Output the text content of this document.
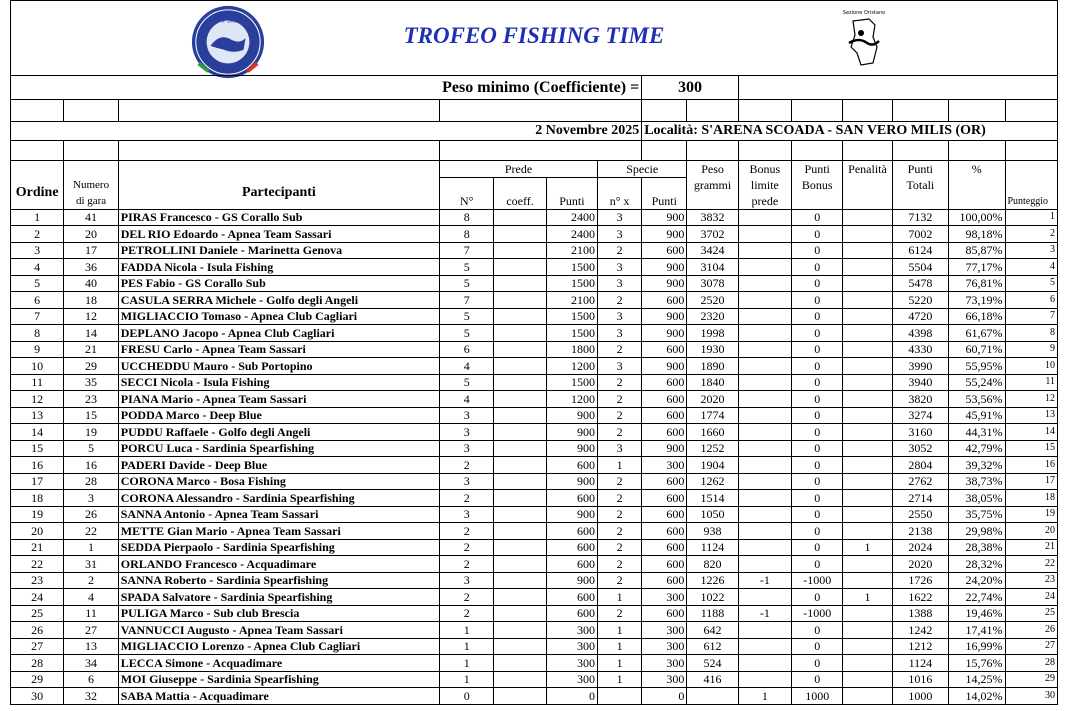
FIPSAS
TROFEO FISHING TIME
Sezione Oristano
Peso minimo (Coefficiente) =							300							

2 Novembre 2025							Località: S'ARENA SCOADA - SAN VERO MILIS (OR)							

			Prede			Specie		Peso	Bonus	Punti	Penalità	Punti	%	
Ordine	Numero	Partecipanti						grammi	limite	Bonus		Totali		
	di gara		N°	coeff.	Punti	n° x	Punti		prede					Punteggio
1	41	PIRAS Francesco - GS Corallo Sub	8		2400	3	900	3832		0		7132	100,00%	1
2	20	DEL RIO Edoardo - Apnea Team Sassari	8		2400	3	900	3702		0		7002	98,18%	2
3	17	PETROLLINI Daniele - Marinetta Genova	7		2100	2	600	3424		0		6124	85,87%	3
4	36	FADDA Nicola - Isula Fishing	5		1500	3	900	3104		0		5504	77,17%	4
5	40	PES Fabio - GS Corallo Sub	5		1500	3	900	3078		0		5478	76,81%	5
6	18	CASULA SERRA Michele - Golfo degli Angeli	7		2100	2	600	2520		0		5220	73,19%	6
7	12	MIGLIACCIO Tomaso - Apnea Club Cagliari	5		1500	3	900	2320		0		4720	66,18%	7
8	14	DEPLANO Jacopo - Apnea Club Cagliari	5		1500	3	900	1998		0		4398	61,67%	8
9	21	FRESU Carlo - Apnea Team Sassari	6		1800	2	600	1930		0		4330	60,71%	9
10	29	UCCHEDDU Mauro - Sub Portopino	4		1200	3	900	1890		0		3990	55,95%	10
11	35	SECCI Nicola - Isula Fishing	5		1500	2	600	1840		0		3940	55,24%	11
12	23	PIANA Mario - Apnea Team Sassari	4		1200	2	600	2020		0		3820	53,56%	12
13	15	PODDA Marco - Deep Blue	3		900	2	600	1774		0		3274	45,91%	13
14	19	PUDDU Raffaele - Golfo degli Angeli	3		900	2	600	1660		0		3160	44,31%	14
15	5	PORCU Luca - Sardinia Spearfishing	3		900	3	900	1252		0		3052	42,79%	15
16	16	PADERI Davide - Deep Blue	2		600	1	300	1904		0		2804	39,32%	16
17	28	CORONA Marco - Bosa Fishing	3		900	2	600	1262		0		2762	38,73%	17
18	3	CORONA Alessandro - Sardinia Spearfishing	2		600	2	600	1514		0		2714	38,05%	18
19	26	SANNA Antonio - Apnea Team Sassari	3		900	2	600	1050		0		2550	35,75%	19
20	22	METTE Gian Mario - Apnea Team Sassari	2		600	2	600	938		0		2138	29,98%	20
21	1	SEDDA Pierpaolo - Sardinia Spearfishing	2		600	2	600	1124		0	1	2024	28,38%	21
22	31	ORLANDO Francesco - Acquadimare	2		600	2	600	820		0		2020	28,32%	22
23	2	SANNA Roberto - Sardinia Spearfishing	3		900	2	600	1226	-1	-1000		1726	24,20%	23
24	4	SPADA Salvatore - Sardinia Spearfishing	2		600	1	300	1022		0	1	1622	22,74%	24
25	11	PULIGA Marco - Sub club Brescia	2		600	2	600	1188	-1	-1000		1388	19,46%	25
26	27	VANNUCCI Augusto - Apnea Team Sassari	1		300	1	300	642		0		1242	17,41%	26
27	13	MIGLIACCIO Lorenzo - Apnea Club Cagliari	1		300	1	300	612		0		1212	16,99%	27
28	34	LECCA Simone - Acquadimare	1		300	1	300	524		0		1124	15,76%	28
29	6	MOI Giuseppe - Sardinia Spearfishing	1		300	1	300	416		0		1016	14,25%	29
30	32	SABA Mattia - Acquadimare	0		0		0		1	1000		1000	14,02%	30
